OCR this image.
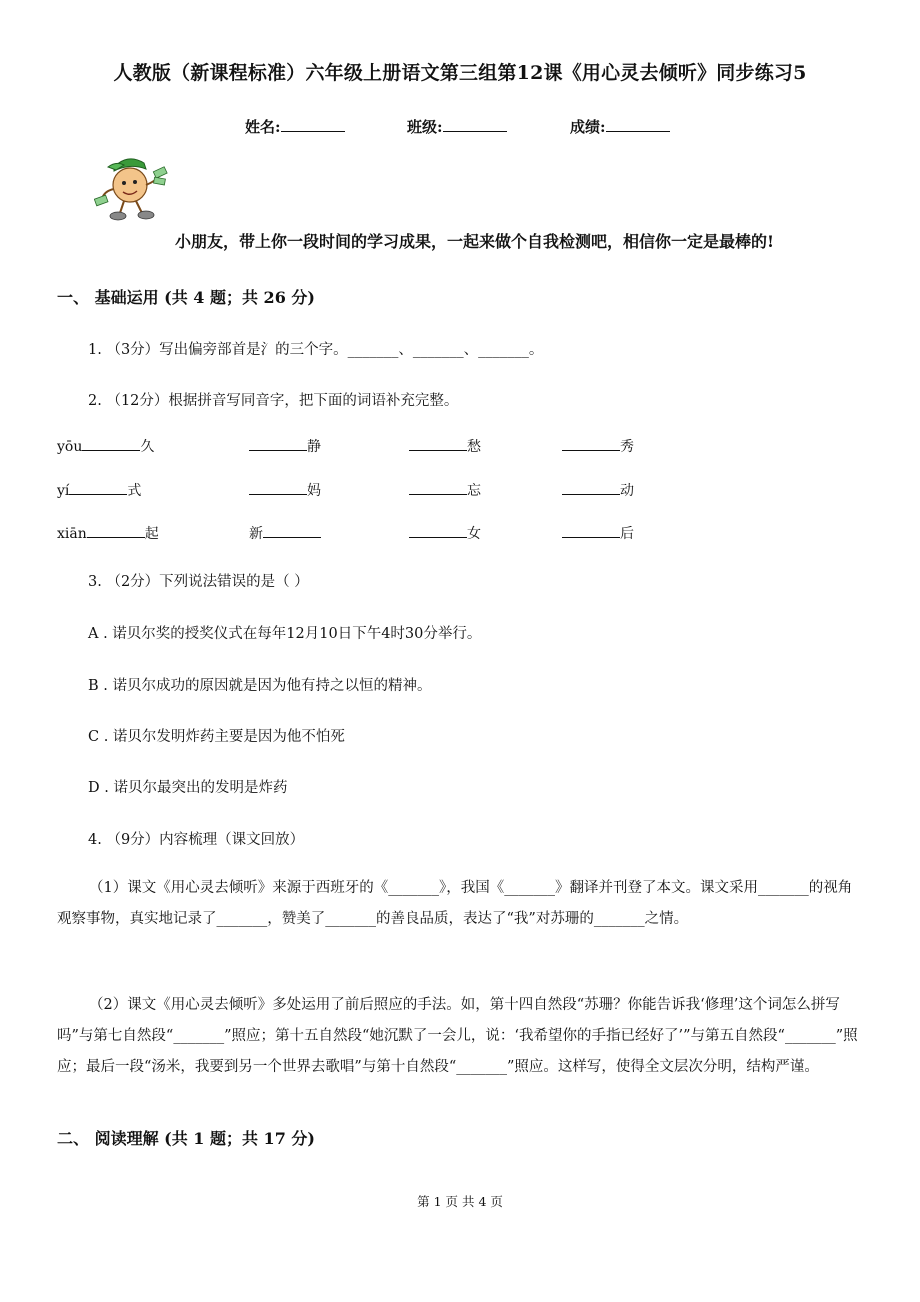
人教版（新课程标准）六年级上册语文第三组第12课《用心灵去倾听》同步练习5
姓名:	班级:	成绩:
小朋友，带上你一段时间的学习成果，一起来做个自我检测吧，相信你一定是最棒的!
一、 基础运用 (共 4 题；共 26 分)
1. （3分）写出偏旁部首是氵的三个字。_______、_______、_______。
2. （12分）根据拼音写同音字，把下面的词语补充完整。
yōu	久	静	愁	秀
yí	式	妈	忘	动
xiān	起	新	女	后
3. （2分）下列说法错误的是（ ）
A . 诺贝尔奖的授奖仪式在每年12月10日下午4时30分举行。
B . 诺贝尔成功的原因就是因为他有持之以恒的精神。
C . 诺贝尔发明炸药主要是因为他不怕死
D . 诺贝尔最突出的发明是炸药
4. （9分）内容梳理（课文回放）
（1）课文《用心灵去倾听》来源于西班牙的《_______》，我国《_______》翻译并刊登了本文。课文采用_______的视角观察事物，真实地记录了_______，赞美了_______的善良品质，表达了“我”对苏珊的_______之情。
（2）课文《用心灵去倾听》多处运用了前后照应的手法。如，第十四自然段“苏珊？你能告诉我‘修理’这个词怎么拼写吗”与第七自然段“_______”照应；第十五自然段“她沉默了一会儿，说：‘我希望你的手指已经好了’”与第五自然段“_______”照应；最后一段“汤米，我要到另一个世界去歌唱”与第十自然段“_______”照应。这样写，使得全文层次分明，结构严谨。
二、 阅读理解 (共 1 题；共 17 分)
第 1 页 共 4 页
